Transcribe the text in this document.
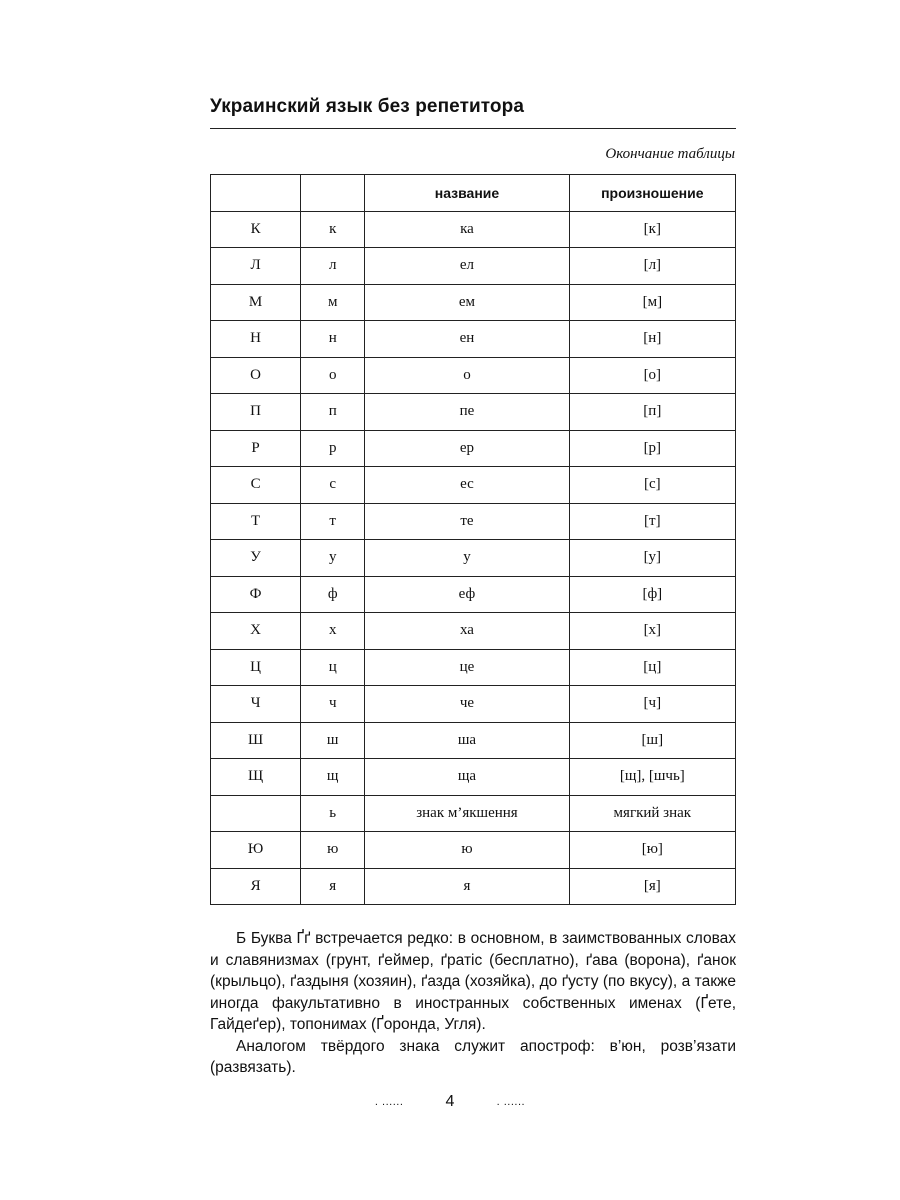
Украинский язык без репетитора
Окончание таблицы
		название	произношение
К	к	ка	[к]
Л	л	ел	[л]
М	м	ем	[м]
Н	н	ен	[н]
О	о	о	[о]
П	п	пе	[п]
Р	р	ер	[р]
С	с	ес	[с]
Т	т	те	[т]
У	у	у	[у]
Ф	ф	еф	[ф]
Х	х	ха	[х]
Ц	ц	це	[ц]
Ч	ч	че	[ч]
Ш	ш	ша	[ш]
Щ	щ	ща	[щ], [шчь]
	ь	знак м’якшення	мягкий знак
Ю	ю	ю	[ю]
Я	я	я	[я]

Б Буква Ґґ встречается редко: в основном, в заимствованных словах и славянизмах (грунт, ґеймер, ґратіс (бесплатно), ґава (ворона), ґанок (крыльцо), ґаздыня (хозяин), ґазда (хозяйка), до ґусту (по вкусу), а также иногда факультативно в иностранных собственных именах (Ґете, Гайдеґер), топонимах (Ґоронда, Угля).

Аналогом твёрдого знака служит апостроф: в’юн, розв’язати (развязать).

. ......	4	. ......
